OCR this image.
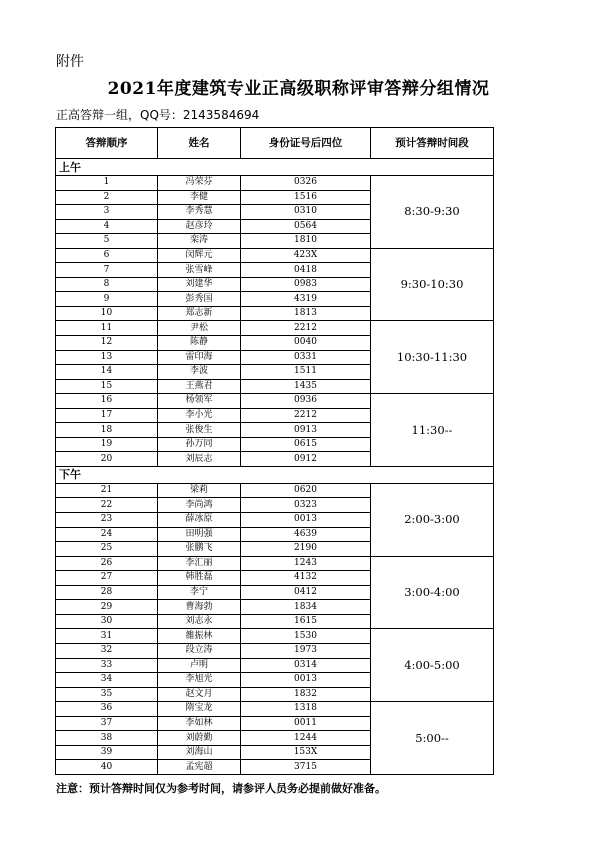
附件
2021年度建筑专业正高级职称评审答辩分组情况
正高答辩一组，QQ号：2143584694
答辩顺序	姓名	身份证号后四位	预计答辩时间段
上午			
1	冯荣芬	0326	8:30-9:30
2	李健	1516	
3	李秀慧	0310	
4	赵彦玲	0564	
5	栾涛	1810	
6	闵辉元	423X	9:30-10:30
7	张雪峰	0418	
8	刘建华	0983	
9	彭秀国	4319	
10	郑志新	1813	
11	尹松	2212	10:30-11:30
12	陈静	0040	
13	雷印海	0331	
14	李波	1511	
15	王燕君	1435	
16	杨领军	0936	11:30--
17	李小光	2212	
18	张俊生	0913	
19	孙万同	0615	
20	刘辰志	0912	
下午			
21	梁莉	0620	2:00-3:00
22	李尚鸿	0323	
23	薛冰原	0013	
24	田明强	4639	
25	张鹏飞	2190	
26	李汇丽	1243	3:00-4:00
27	韩胜磊	4132	
28	李宁	0412	
29	曹海勃	1834	
30	刘志永	1615	
31	雒振林	1530	4:00-5:00
32	段立涛	1973	
33	卢明	0314	
34	李旭光	0013	
35	赵文月	1832	
36	隋宝龙	1318	5:00--
37	李如林	0011	
38	刘蔚勤	1244	
39	刘海山	153X	
40	孟宪超	3715	
注意：预计答辩时间仅为参考时间，请参评人员务必提前做好准备。
